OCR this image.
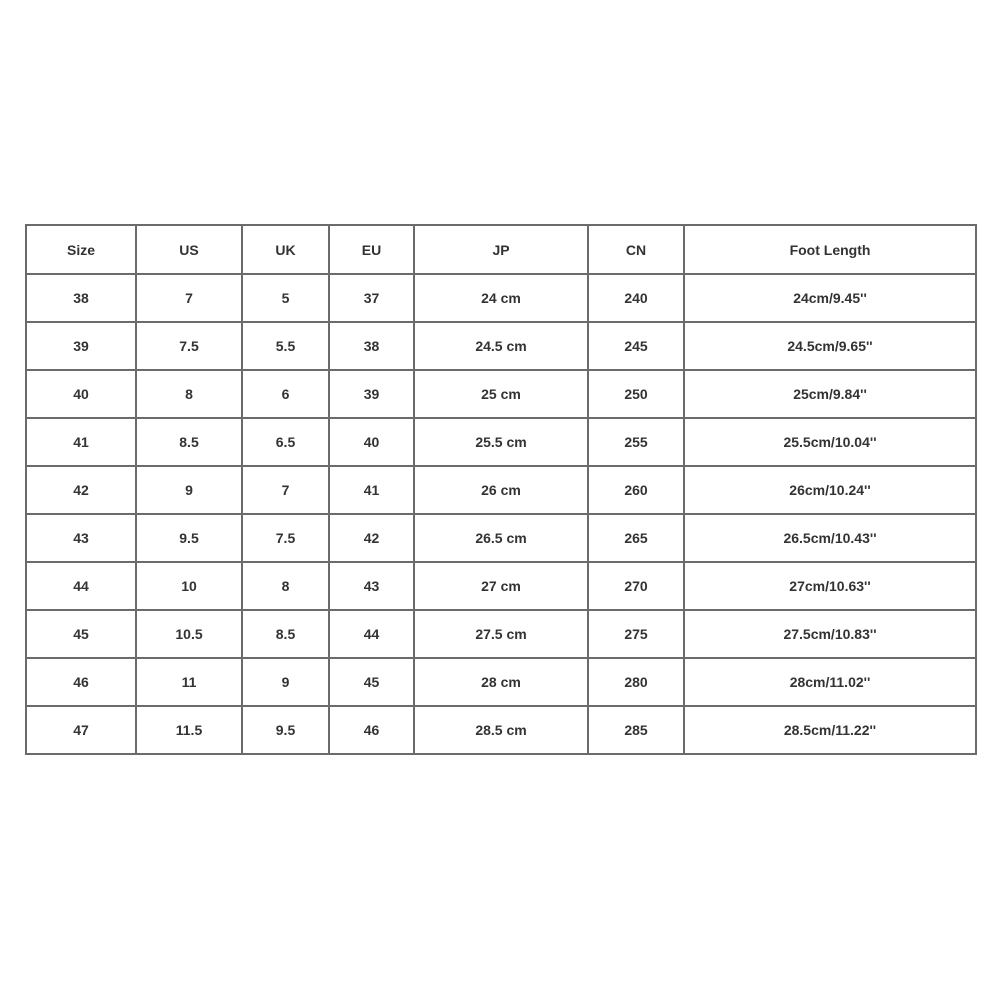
Size	US	UK	EU	JP	CN	Foot Length
38	7	5	37	24 cm	240	24cm/9.45''
39	7.5	5.5	38	24.5 cm	245	24.5cm/9.65''
40	8	6	39	25 cm	250	25cm/9.84''
41	8.5	6.5	40	25.5 cm	255	25.5cm/10.04''
42	9	7	41	26 cm	260	26cm/10.24''
43	9.5	7.5	42	26.5 cm	265	26.5cm/10.43''
44	10	8	43	27 cm	270	27cm/10.63''
45	10.5	8.5	44	27.5 cm	275	27.5cm/10.83''
46	11	9	45	28 cm	280	28cm/11.02''
47	11.5	9.5	46	28.5 cm	285	28.5cm/11.22''
